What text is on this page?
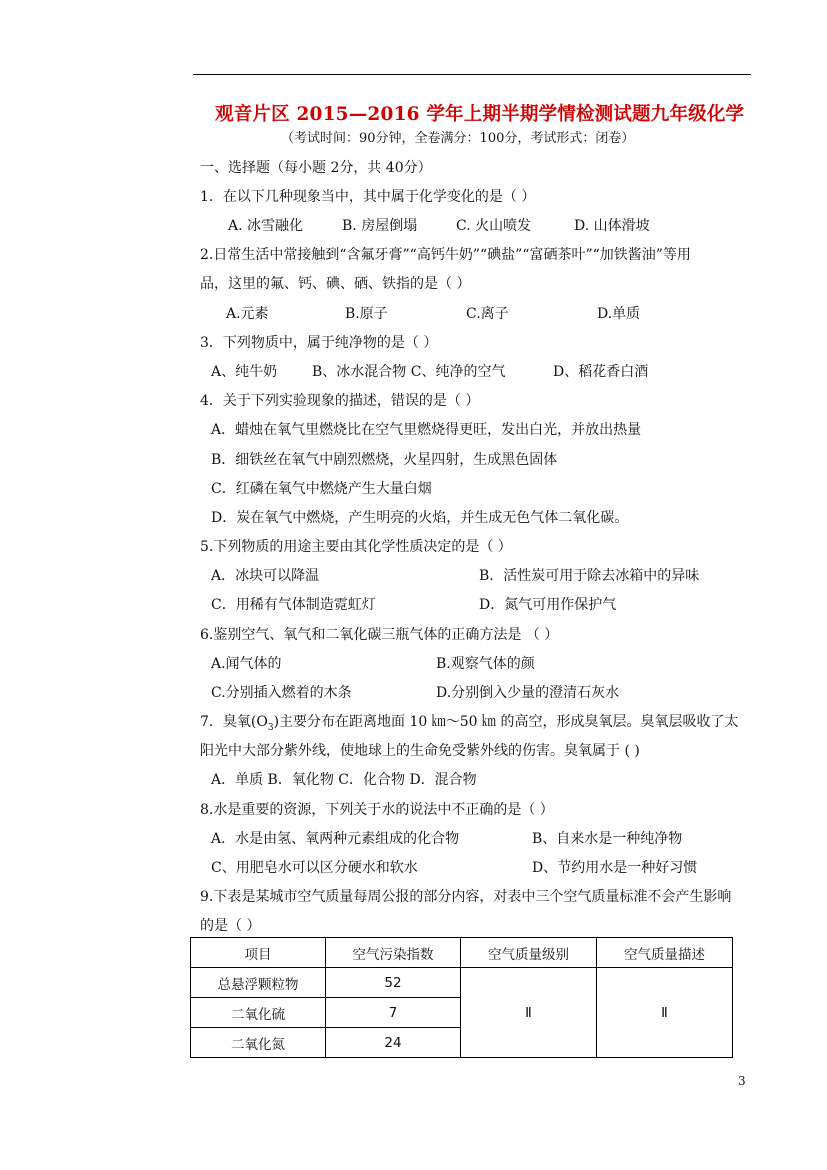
观音片区 2015—2016 学年上期半期学情检测试题九年级化学
（考试时间：90分钟，全卷满分：100分，考试形式：闭卷）
一、选择题（每小题 2分，共 40分）
1．在以下几种现象当中，其中属于化学变化的是（ ）
A. 冰雪融化	B. 房屋倒塌	C. 火山喷发	D. 山体滑坡
2.日常生活中常接触到“含氟牙膏”“高钙牛奶”“碘盐”“富硒茶叶”“加铁酱油”等用
品，这里的氟、钙、碘、硒、铁指的是（ ）
A.元素	B.原子	C.离子	D.单质
3．下列物质中，属于纯净物的是（ ）
A、纯牛奶 B、冰水混合物 C、纯净的空气	D、稻花香白酒
4．关于下列实验现象的描述，错误的是（ ）
A．蜡烛在氧气里燃烧比在空气里燃烧得更旺，发出白光，并放出热量
B．细铁丝在氧气中剧烈燃烧，火星四射，生成黑色固体
C．红磷在氧气中燃烧产生大量白烟
D．炭在氧气中燃烧，产生明亮的火焰，并生成无色气体二氧化碳。
5.下列物质的用途主要由其化学性质决定的是（ ）
A．冰块可以降温	B．活性炭可用于除去冰箱中的异味
C．用稀有气体制造霓虹灯	D．氮气可用作保护气
6.鉴别空气、氧气和二氧化碳三瓶气体的正确方法是 （ ）
A.闻气体的	B.观察气体的颜
C.分别插入燃着的木条	D.分别倒入少量的澄清石灰水
7．臭氧$(O_3)$主要分布在距离地面 10 ㎞～50 ㎞ 的高空，形成臭氧层。臭氧层吸收了太
阳光中大部分紫外线，使地球上的生命免受紫外线的伤害。臭氧属于 ( )
A．单质 B．氧化物 C．化合物 D．混合物
8.水是重要的资源，下列关于水的说法中不正确的是（ ）
A．水是由氢、氧两种元素组成的化合物	B、自来水是一种纯净物
C、用肥皂水可以区分硬水和软水	D、节约用水是一种好习惯
9.下表是某城市空气质量每周公报的部分内容，对表中三个空气质量标准不会产生影响
的是（ ）
项目	空气污染指数	空气质量级别	空气质量描述
总悬浮颗粒物	52	Ⅱ	Ⅱ
二氧化硫	7		
二氧化氮	24		
3
